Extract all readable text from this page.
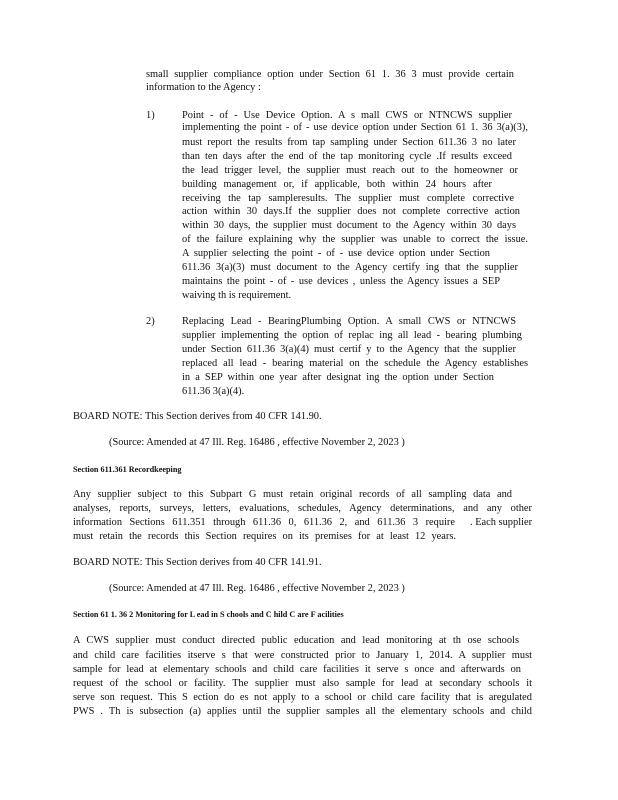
small supplier compliance option under Section 61 1. 36 3 must provide certain
information to the Agency :
1)	Point - of - Use Device Option. A s mall CWS or NTNCWS supplier
implementing the point - of - use device option under Section 61 1. 36 3(a)(3),
must report the results from tap sampling under Section 611.36 3 no later
than ten days after the end of the tap monitoring cycle .If results exceed
the lead trigger level, the supplier must reach out to the homeowner or
building management or, if applicable, both within 24 hours after
receiving the tap sampleresults. The supplier must complete corrective
action within 30 days.If the supplier does not complete corrective action
within 30 days, the supplier must document to the Agency within 30 days
of the failure explaining why the supplier was unable to correct the issue.
A supplier selecting the point - of - use device option under Section
611.36 3(a)(3) must document to the Agency certify ing that the supplier
maintains the point - of - use devices , unless the Agency issues a SEP
waiving th is requirement.
2)	Replacing Lead - BearingPlumbing Option. A small CWS or NTNCWS
supplier implementing the option of replac ing all lead - bearing plumbing
under Section 611.36 3(a)(4) must certif y to the Agency that the supplier
replaced all lead - bearing material on the schedule the Agency establishes
in a SEP within one year after designat ing the option under Section
611.36 3(a)(4).
BOARD NOTE: This Section derives from 40 CFR 141.90.
(Source: Amended at 47 Ill. Reg. 16486 , effective November 2, 2023 )
Section 611.361 Recordkeeping
Any supplier subject to this Subpart G must retain original records of all sampling data and
analyses, reports, surveys, letters, evaluations, schedules, Agency determinations, and any other
information Sections 611.351 through 611.36 0, 611.36 2, and 611.36 3 require . Each supplier
must retain the records this Section requires on its premises for at least 12 years.
BOARD NOTE: This Section derives from 40 CFR 141.91.
(Source: Amended at 47 Ill. Reg. 16486 , effective November 2, 2023 )
Section 61 1. 36 2 Monitoring for L ead in S chools and C hild C are F acilities
A CWS supplier must conduct directed public education and lead monitoring at th ose schools
and child care facilities itserve s that were constructed prior to January 1, 2014. A supplier must
sample for lead at elementary schools and child care facilities it serve s once and afterwards on
request of the school or facility. The supplier must also sample for lead at secondary schools it
serve son request. This S ection do es not apply to a school or child care facility that is aregulated
PWS . Th is subsection (a) applies until the supplier samples all the elementary schools and child
